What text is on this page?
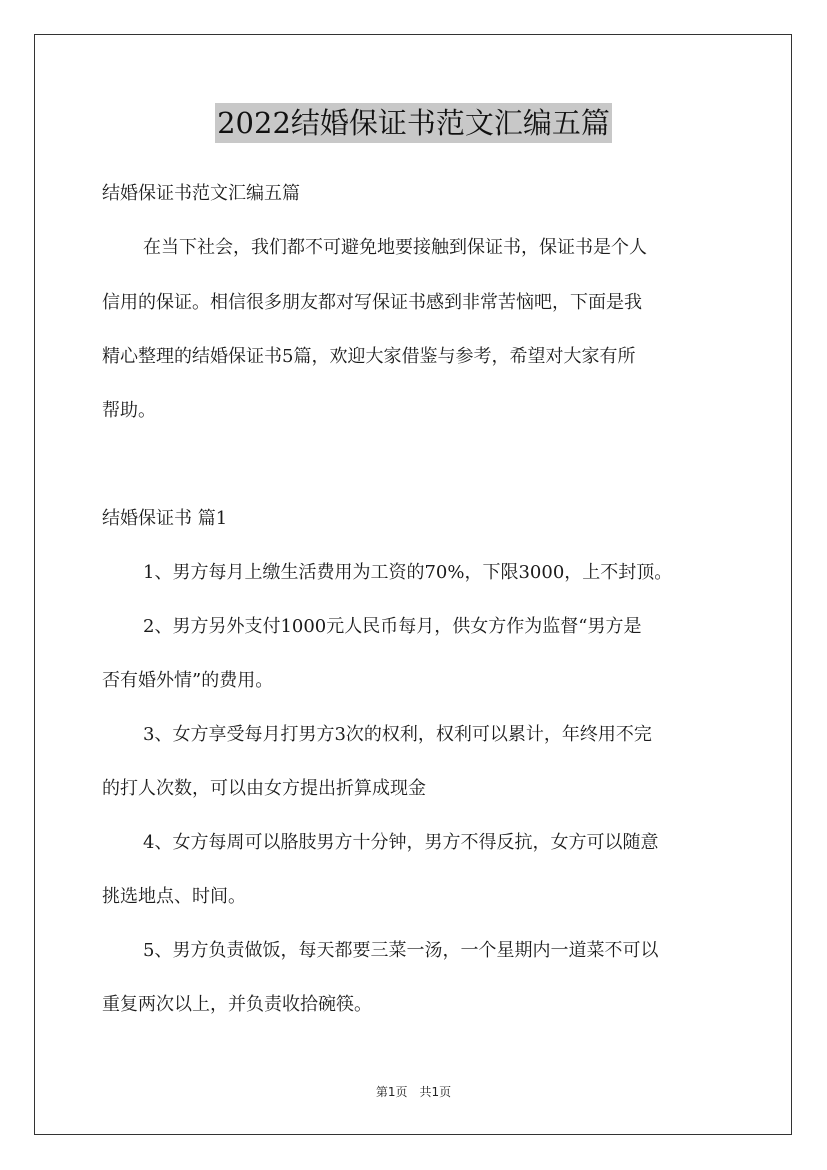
2022结婚保证书范文汇编五篇
结婚保证书范文汇编五篇
在当下社会，我们都不可避免地要接触到保证书，保证书是个人
信用的保证。相信很多朋友都对写保证书感到非常苦恼吧，下面是我
精心整理的结婚保证书5篇，欢迎大家借鉴与参考，希望对大家有所
帮助。
结婚保证书 篇1
1、男方每月上缴生活费用为工资的70%，下限3000，上不封顶。
2、男方另外支付1000元人民币每月，供女方作为监督“男方是
否有婚外情”的费用。
3、女方享受每月打男方3次的权利，权利可以累计，年终用不完
的打人次数，可以由女方提出折算成现金
4、女方每周可以胳肢男方十分钟，男方不得反抗，女方可以随意
挑选地点、时间。
5、男方负责做饭，每天都要三菜一汤，一个星期内一道菜不可以
重复两次以上，并负责收拾碗筷。
第1页 共1页
